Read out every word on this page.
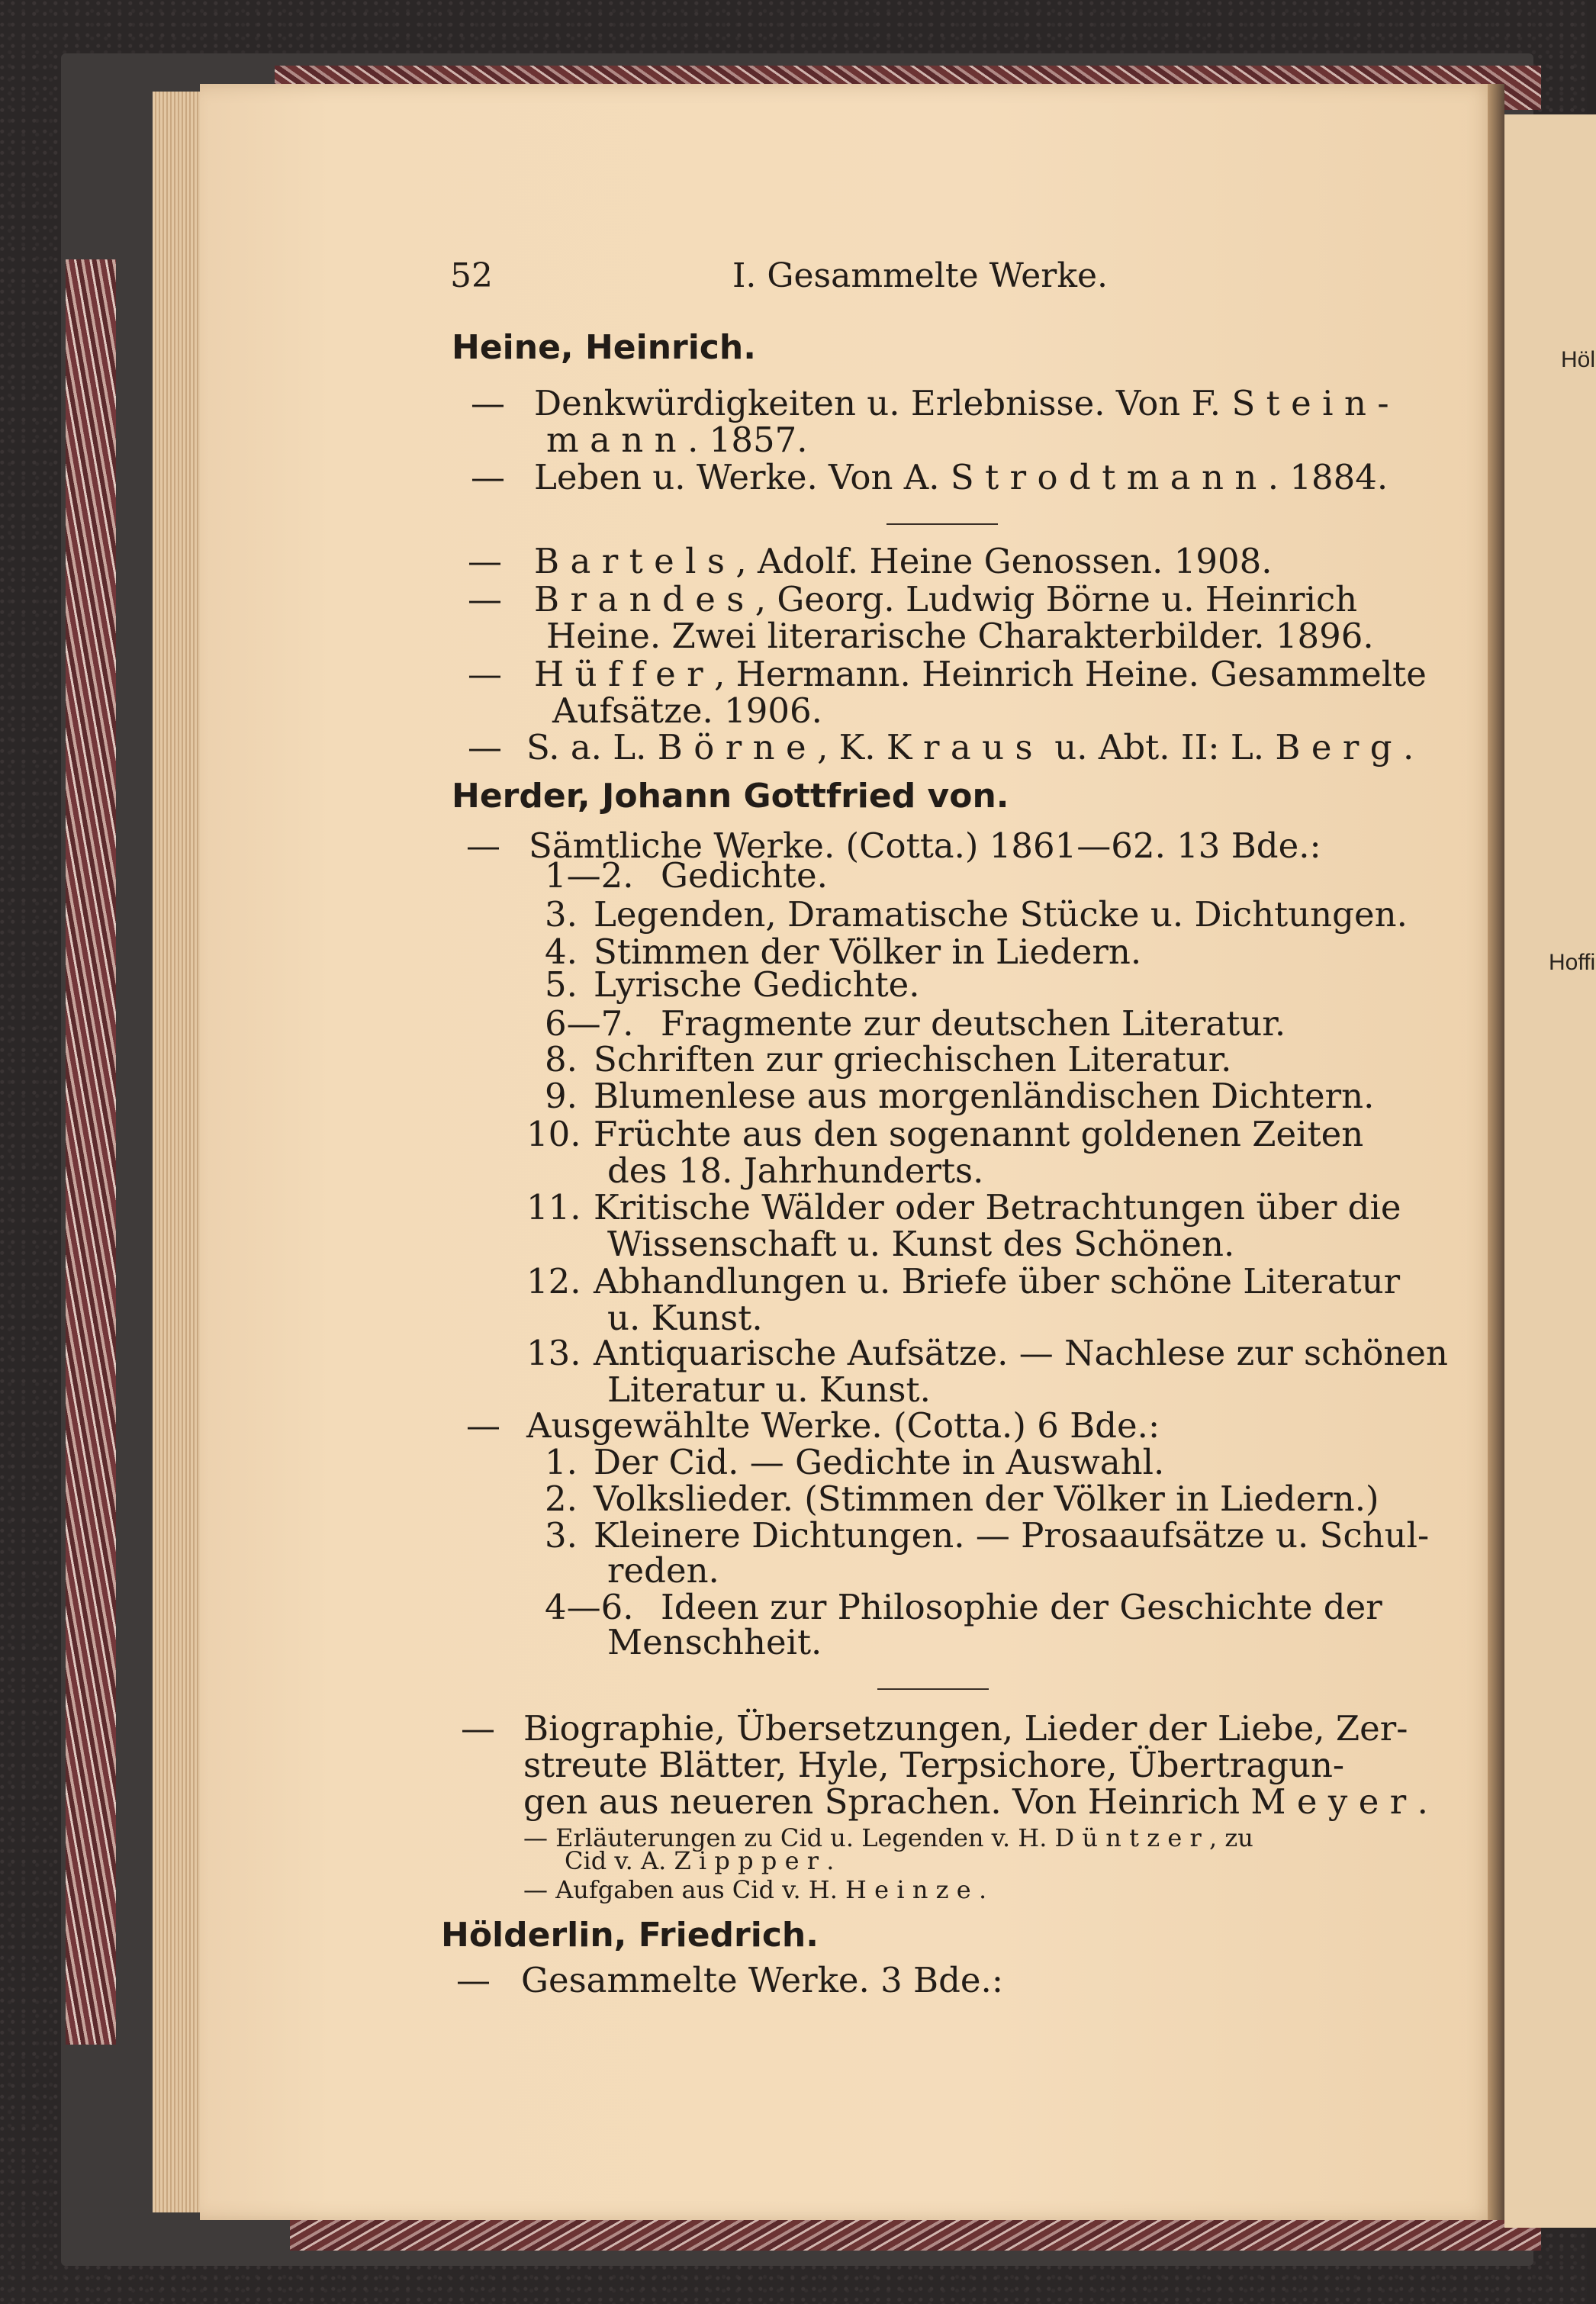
Höl
Hoffi
52	I. Gesammelte Werke.
Heine, Heinrich.
— Denkwürdigkeiten u. Erlebnisse. Von F. Stein-
mann. 1857.
— Leben u. Werke. Von A. Strodtmann. 1884.
— Bartels, Adolf. Heine Genossen. 1908.
— Brandes, Georg. Ludwig Börne u. Heinrich
Heine. Zwei literarische Charakterbilder. 1896.
— Hüffer, Hermann. Heinrich Heine. Gesammelte
Aufsätze. 1906.
— S. a. L. Börne, K. Kraus u. Abt. II: L. Berg.
Herder, Johann Gottfried von.
— Sämtliche Werke. (Cotta.) 1861—62. 13 Bde.:
1—2. Gedichte.
3. Legenden, Dramatische Stücke u. Dichtungen.
4. Stimmen der Völker in Liedern.
5. Lyrische Gedichte.
6—7. Fragmente zur deutschen Literatur.
8. Schriften zur griechischen Literatur.
9. Blumenlese aus morgenländischen Dichtern.
10. Früchte aus den sogenannt goldenen Zeiten
des 18. Jahrhunderts.
11. Kritische Wälder oder Betrachtungen über die
Wissenschaft u. Kunst des Schönen.
12. Abhandlungen u. Briefe über schöne Literatur
u. Kunst.
13. Antiquarische Aufsätze. — Nachlese zur schönen
Literatur u. Kunst.
— Ausgewählte Werke. (Cotta.) 6 Bde.:
1. Der Cid. — Gedichte in Auswahl.
2. Volkslieder. (Stimmen der Völker in Liedern.)
3. Kleinere Dichtungen. — Prosaaufsätze u. Schul-
reden.
4—6. Ideen zur Philosophie der Geschichte der
Menschheit.
— Biographie, Übersetzungen, Lieder der Liebe, Zer-
streute Blätter, Hyle, Terpsichore, Übertragun-
gen aus neueren Sprachen. Von Heinrich Meyer.
— Erläuterungen zu Cid u. Legenden v. H. Düntzer, zu
Cid v. A. Zippper.
— Aufgaben aus Cid v. H. Heinze.
Hölderlin, Friedrich.
— Gesammelte Werke. 3 Bde.:
